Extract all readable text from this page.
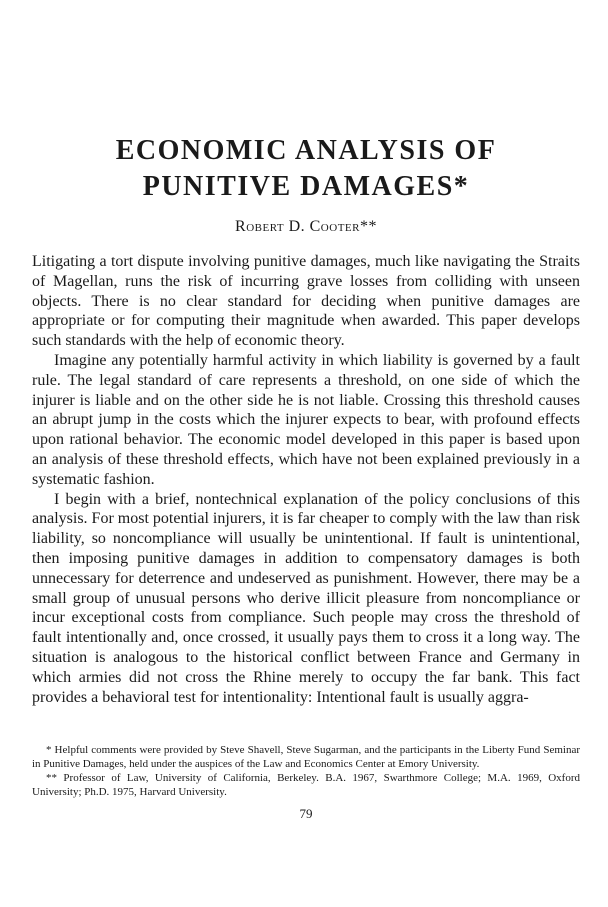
ECONOMIC ANALYSIS OF
PUNITIVE DAMAGES*
Robert D. Cooter**

Litigating a tort dispute involving punitive damages, much like navigating the Straits of Magellan, runs the risk of incurring grave losses from colliding with unseen objects. There is no clear standard for deciding when punitive damages are appropriate or for computing their magnitude when awarded. This paper develops such standards with the help of economic theory.

Imagine any potentially harmful activity in which liability is governed by a fault rule. The legal standard of care represents a threshold, on one side of which the injurer is liable and on the other side he is not liable. Crossing this threshold causes an abrupt jump in the costs which the injurer expects to bear, with profound effects upon rational behavior. The economic model developed in this paper is based upon an analysis of these threshold effects, which have not been explained previously in a systematic fashion.

I begin with a brief, nontechnical explanation of the policy conclusions of this analysis. For most potential injurers, it is far cheaper to comply with the law than risk liability, so noncompliance will usually be unintentional. If fault is unintentional, then imposing punitive damages in addition to compensatory damages is both unnecessary for deterrence and undeserved as punishment. However, there may be a small group of unusual persons who derive illicit pleasure from noncompliance or incur exceptional costs from compliance. Such people may cross the threshold of fault intentionally and, once crossed, it usually pays them to cross it a long way. The situation is analogous to the historical conflict between France and Germany in which armies did not cross the Rhine merely to occupy the far bank. This fact provides a behavioral test for intentionality: Intentional fault is usually aggra-

* Helpful comments were provided by Steve Shavell, Steve Sugarman, and the participants in the Liberty Fund Seminar in Punitive Damages, held under the auspices of the Law and Economics Center at Emory University.

** Professor of Law, University of California, Berkeley. B.A. 1967, Swarthmore College; M.A. 1969, Oxford University; Ph.D. 1975, Harvard University.

79
